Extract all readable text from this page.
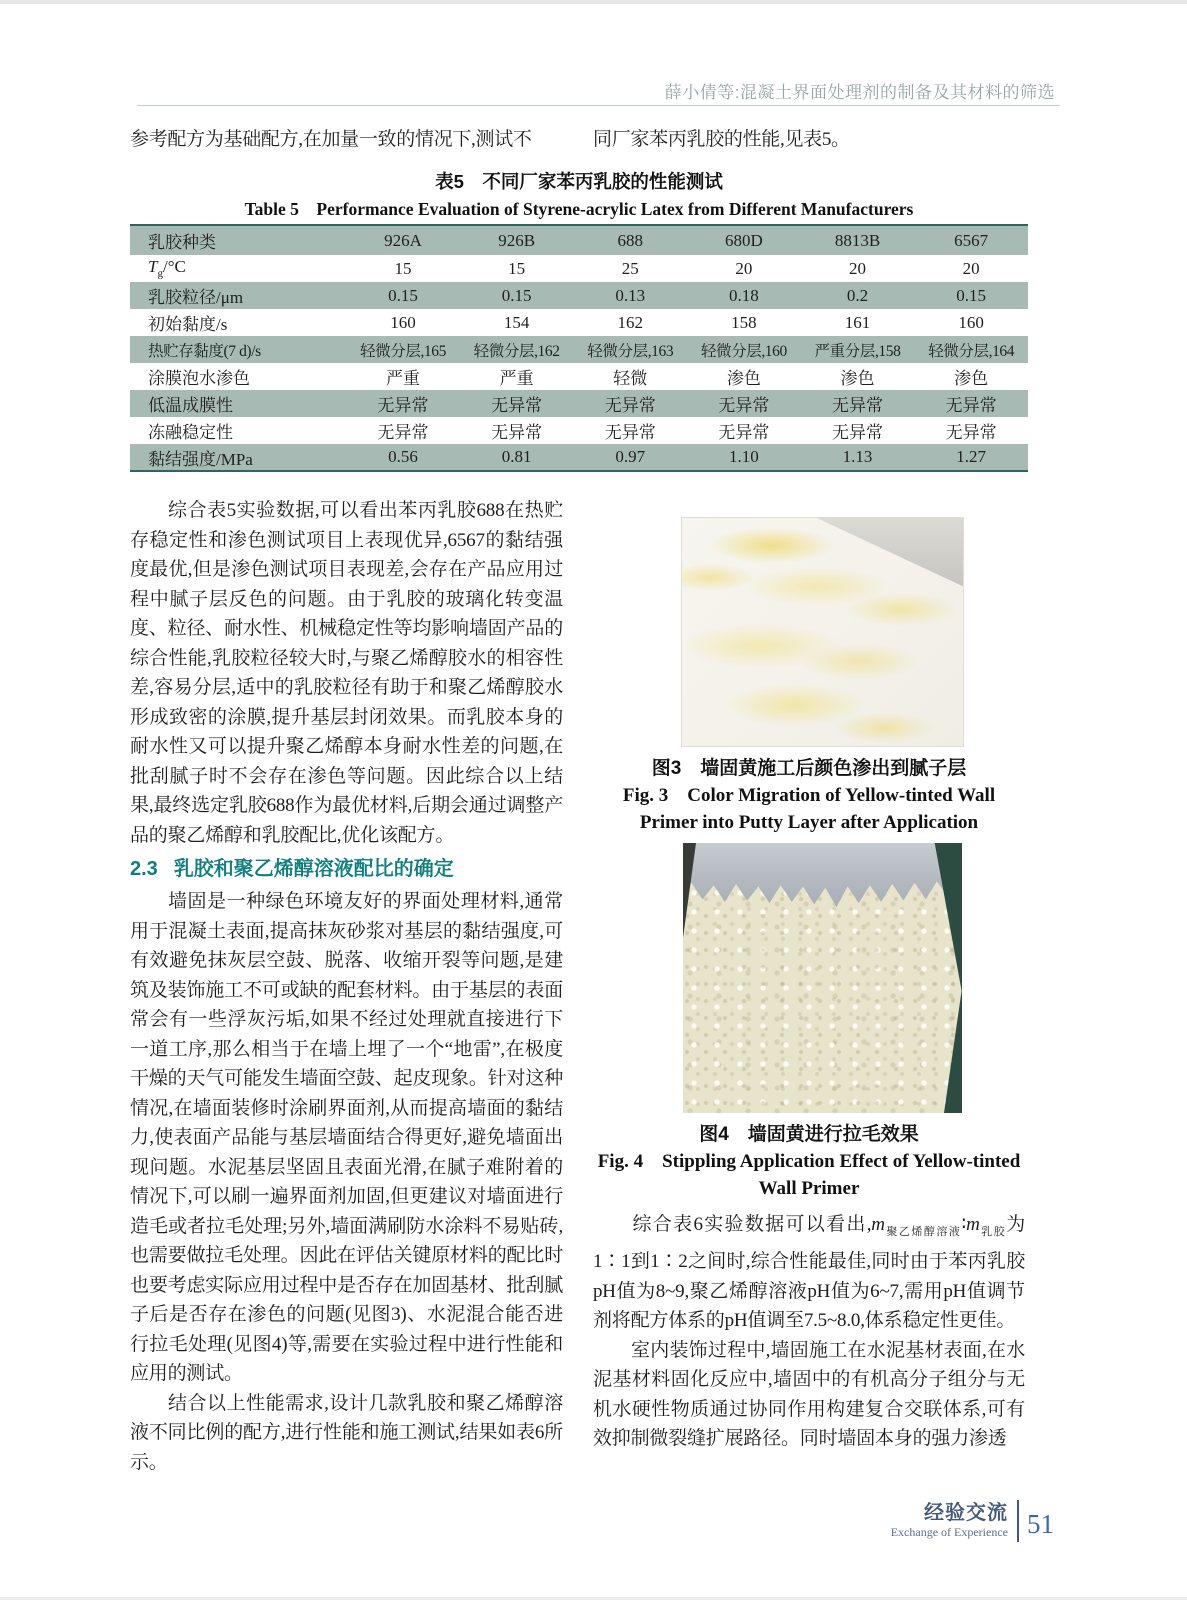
薛小倩等:混凝土界面处理剂的制备及其材料的筛选
参考配方为基础配方,在加量一致的情况下,测试不	同厂家苯丙乳胶的性能,见表5。
表5　不同厂家苯丙乳胶的性能测试
Table 5　Performance Evaluation of Styrene-acrylic Latex from Different Manufacturers
乳胶种类	926A	926B	688	680D	8813B	6567
$T_g/^\circ C$	15	15	25	20	20	20
乳胶粒径/μm	0.15	0.15	0.13	0.18	0.2	0.15
初始黏度/s	160	154	162	158	161	160
热贮存黏度(7 d)/s	轻微分层,165	轻微分层,162	轻微分层,163	轻微分层,160	严重分层,158	轻微分层,164
涂膜泡水渗色	严重	严重	轻微	渗色	渗色	渗色
低温成膜性	无异常	无异常	无异常	无异常	无异常	无异常
冻融稳定性	无异常	无异常	无异常	无异常	无异常	无异常
黏结强度/MPa	0.56	0.81	0.97	1.10	1.13	1.27

综合表5实验数据,可以看出苯丙乳胶688在热贮存稳定性和渗色测试项目上表现优异,6567的黏结强度最优,但是渗色测试项目表现差,会存在产品应用过程中腻子层反色的问题。由于乳胶的玻璃化转变温度、粒径、耐水性、机械稳定性等均影响墙固产品的综合性能,乳胶粒径较大时,与聚乙烯醇胶水的相容性差,容易分层,适中的乳胶粒径有助于和聚乙烯醇胶水形成致密的涂膜,提升基层封闭效果。而乳胶本身的耐水性又可以提升聚乙烯醇本身耐水性差的问题,在批刮腻子时不会存在渗色等问题。因此综合以上结果,最终选定乳胶688作为最优材料,后期会通过调整产品的聚乙烯醇和乳胶配比,优化该配方。

2.3 乳胶和聚乙烯醇溶液配比的确定

墙固是一种绿色环境友好的界面处理材料,通常用于混凝土表面,提高抹灰砂浆对基层的黏结强度,可有效避免抹灰层空鼓、脱落、收缩开裂等问题,是建筑及装饰施工不可或缺的配套材料。由于基层的表面常会有一些浮灰污垢,如果不经过处理就直接进行下一道工序,那么相当于在墙上埋了一个“地雷”,在极度干燥的天气可能发生墙面空鼓、起皮现象。针对这种情况,在墙面装修时涂刷界面剂,从而提高墙面的黏结力,使表面产品能与基层墙面结合得更好,避免墙面出现问题。水泥基层坚固且表面光滑,在腻子难附着的情况下,可以刷一遍界面剂加固,但更建议对墙面进行造毛或者拉毛处理;另外,墙面满刷防水涂料不易贴砖,也需要做拉毛处理。因此在评估关键原材料的配比时也要考虑实际应用过程中是否存在加固基材、批刮腻子后是否存在渗色的问题(见图3)、水泥混合能否进行拉毛处理(见图4)等,需要在实验过程中进行性能和应用的测试。

结合以上性能需求,设计几款乳胶和聚乙烯醇溶液不同比例的配方,进行性能和施工测试,结果如表6所示。

图3　墙固黄施工后颜色渗出到腻子层
Fig. 3　Color Migration of Yellow-tinted Wall Primer into Putty Layer after Application
图4　墙固黄进行拉毛效果
Fig. 4　Stippling Application Effect of Yellow-tinted Wall Primer

综合表6实验数据可以看出$,m_{聚乙烯醇溶液}∶m_{乳胶}$为1∶1到1∶2之间时,综合性能最佳,同时由于苯丙乳胶pH值为8~9,聚乙烯醇溶液pH值为6~7,需用pH值调节剂将配方体系的pH值调至7.5~8.0,体系稳定性更佳。

室内装饰过程中,墙固施工在水泥基材表面,在水泥基材料固化反应中,墙固中的有机高分子组分与无机水硬性物质通过协同作用构建复合交联体系,可有效抑制微裂缝扩展路径。同时墙固本身的强力渗透

经验交流
Exchange of Experience 51
